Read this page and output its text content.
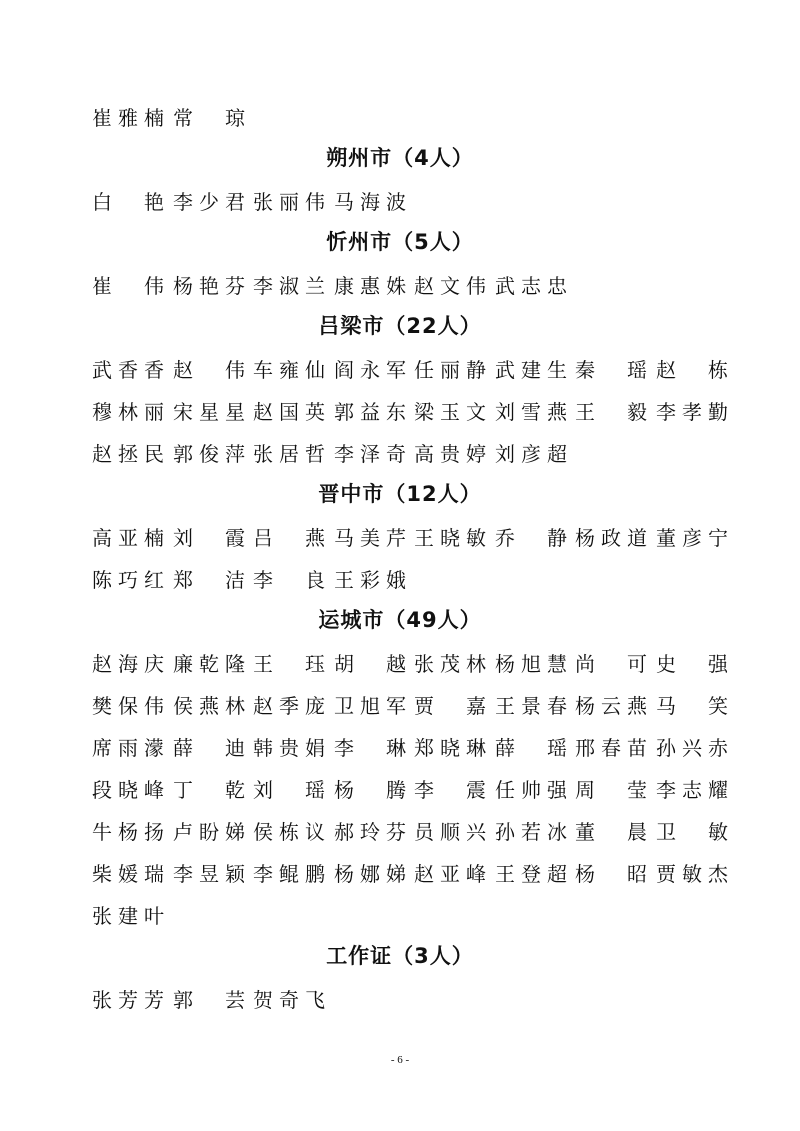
崔 雅 楠 常 琼
朔州市（4人）
白 艳 李 少 君 张 丽 伟 马 海 波
忻州市（5人）
崔 伟 杨 艳 芬 李 淑 兰 康 惠 姝 赵 文 伟 武 志 忠
吕梁市（22人）
武 香 香 赵 伟 车 雍 仙 阎 永 军 任 丽 静 武 建 生 秦 瑶 赵 栋
穆 林 丽 宋 星 星 赵 国 英 郭 益 东 梁 玉 文 刘 雪 燕 王 毅 李 孝 勤
赵 拯 民 郭 俊 萍 张 居 哲 李 泽 奇 高 贵 婷 刘 彦 超
晋中市（12人）
高 亚 楠 刘 霞 吕 燕 马 美 芹 王 晓 敏 乔 静 杨 政 道 董 彦 宁
陈 巧 红 郑 洁 李 良 王 彩 娥
运城市（49人）
赵 海 庆 廉 乾 隆 王 珏 胡 越 张 茂 林 杨 旭 慧 尚 可 史 强
樊 保 伟 侯 燕 林 赵 季 庞 卫 旭 军 贾 嘉 王 景 春 杨 云 燕 马 笑
席 雨 濛 薛 迪 韩 贵 娟 李 琳 郑 晓 琳 薛 瑶 邢 春 苗 孙 兴 赤
段 晓 峰 丁 乾 刘 瑶 杨 腾 李 震 任 帅 强 周 莹 李 志 耀
牛 杨 扬 卢 盼 娣 侯 栋 议 郝 玲 芬 员 顺 兴 孙 若 冰 董 晨 卫 敏
柴 媛 瑞 李 昱 颖 李 鲲 鹏 杨 娜 娣 赵 亚 峰 王 登 超 杨 昭 贾 敏 杰
张 建 叶
工作证（3人）
张 芳 芳 郭 芸 贺 奇 飞
- 6 -
